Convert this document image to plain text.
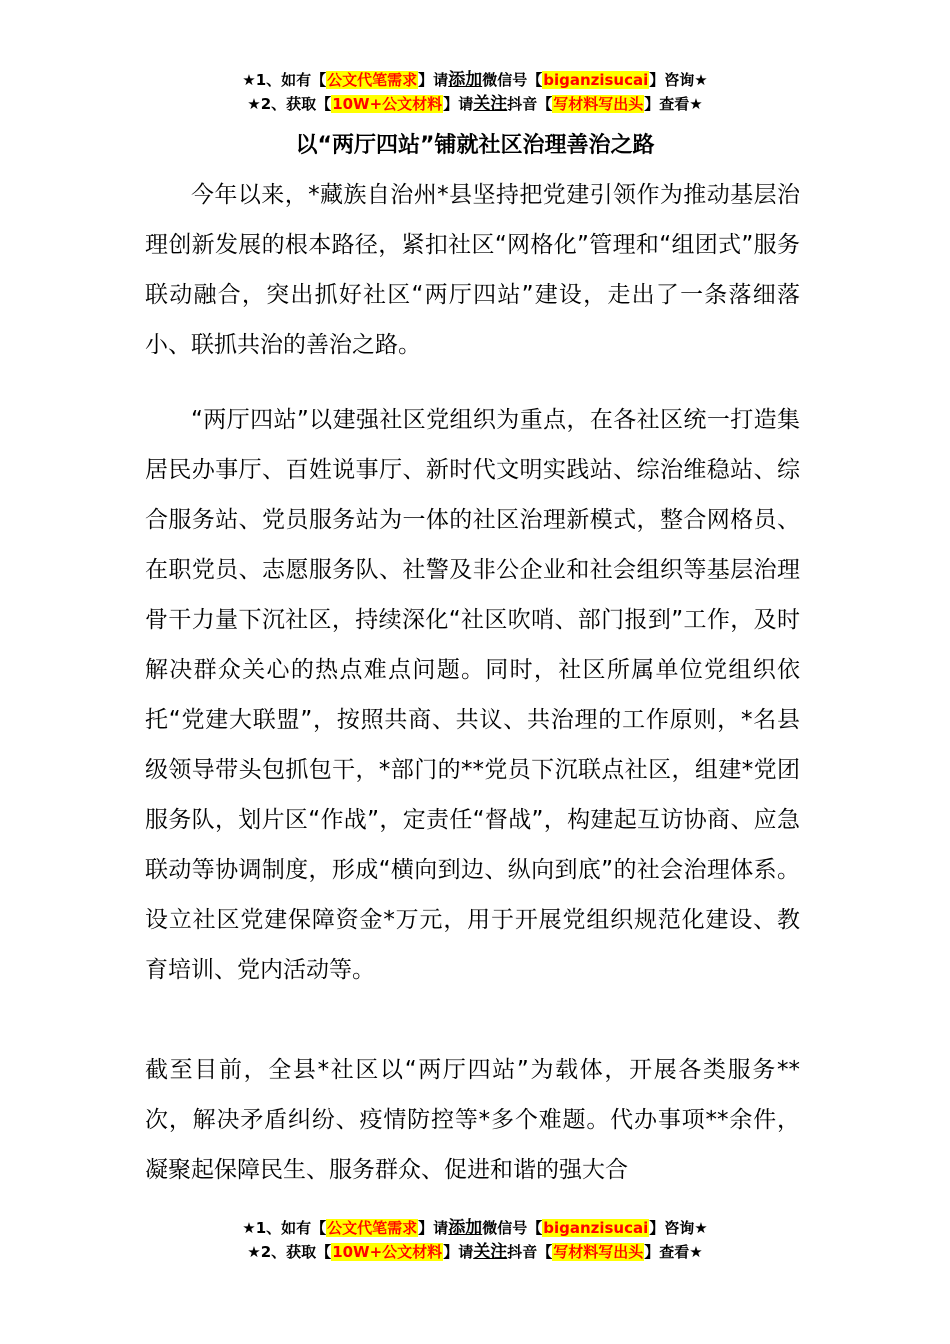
★1、如有【公文代笔需求】请添加微信号【biganzisucai】咨询★
★2、获取【10W+公文材料】请关注抖音【写材料写出头】查看★
以“两厅四站”铺就社区治理善治之路

今年以来，*藏族自治州*县坚持把党建引领作为推动基层治理创新发展的根本路径，紧扣社区“网格化”管理和“组团式”服务联动融合，突出抓好社区“两厅四站”建设，走出了一条落细落小、联抓共治的善治之路。

“两厅四站”以建强社区党组织为重点，在各社区统一打造集居民办事厅、百姓说事厅、新时代文明实践站、综治维稳站、综合服务站、党员服务站为一体的社区治理新模式，整合网格员、在职党员、志愿服务队、社警及非公企业和社会组织等基层治理骨干力量下沉社区，持续深化“社区吹哨、部门报到”工作，及时解决群众关心的热点难点问题。同时，社区所属单位党组织依托“党建大联盟”，按照共商、共议、共治理的工作原则，*名县级领导带头包抓包干，*部门的**党员下沉联点社区，组建*党团服务队，划片区“作战”，定责任“督战”，构建起互访协商、应急联动等协调制度，形成“横向到边、纵向到底”的社会治理体系。设立社区党建保障资金*万元，用于开展党组织规范化建设、教育培训、党内活动等。

截至目前，全县*社区以“两厅四站”为载体，开展各类服务**次，解决矛盾纠纷、疫情防控等*多个难题。代办事项**余件，凝聚起保障民生、服务群众、促进和谐的强大合

★1、如有【公文代笔需求】请添加微信号【biganzisucai】咨询★
★2、获取【10W+公文材料】请关注抖音【写材料写出头】查看★
